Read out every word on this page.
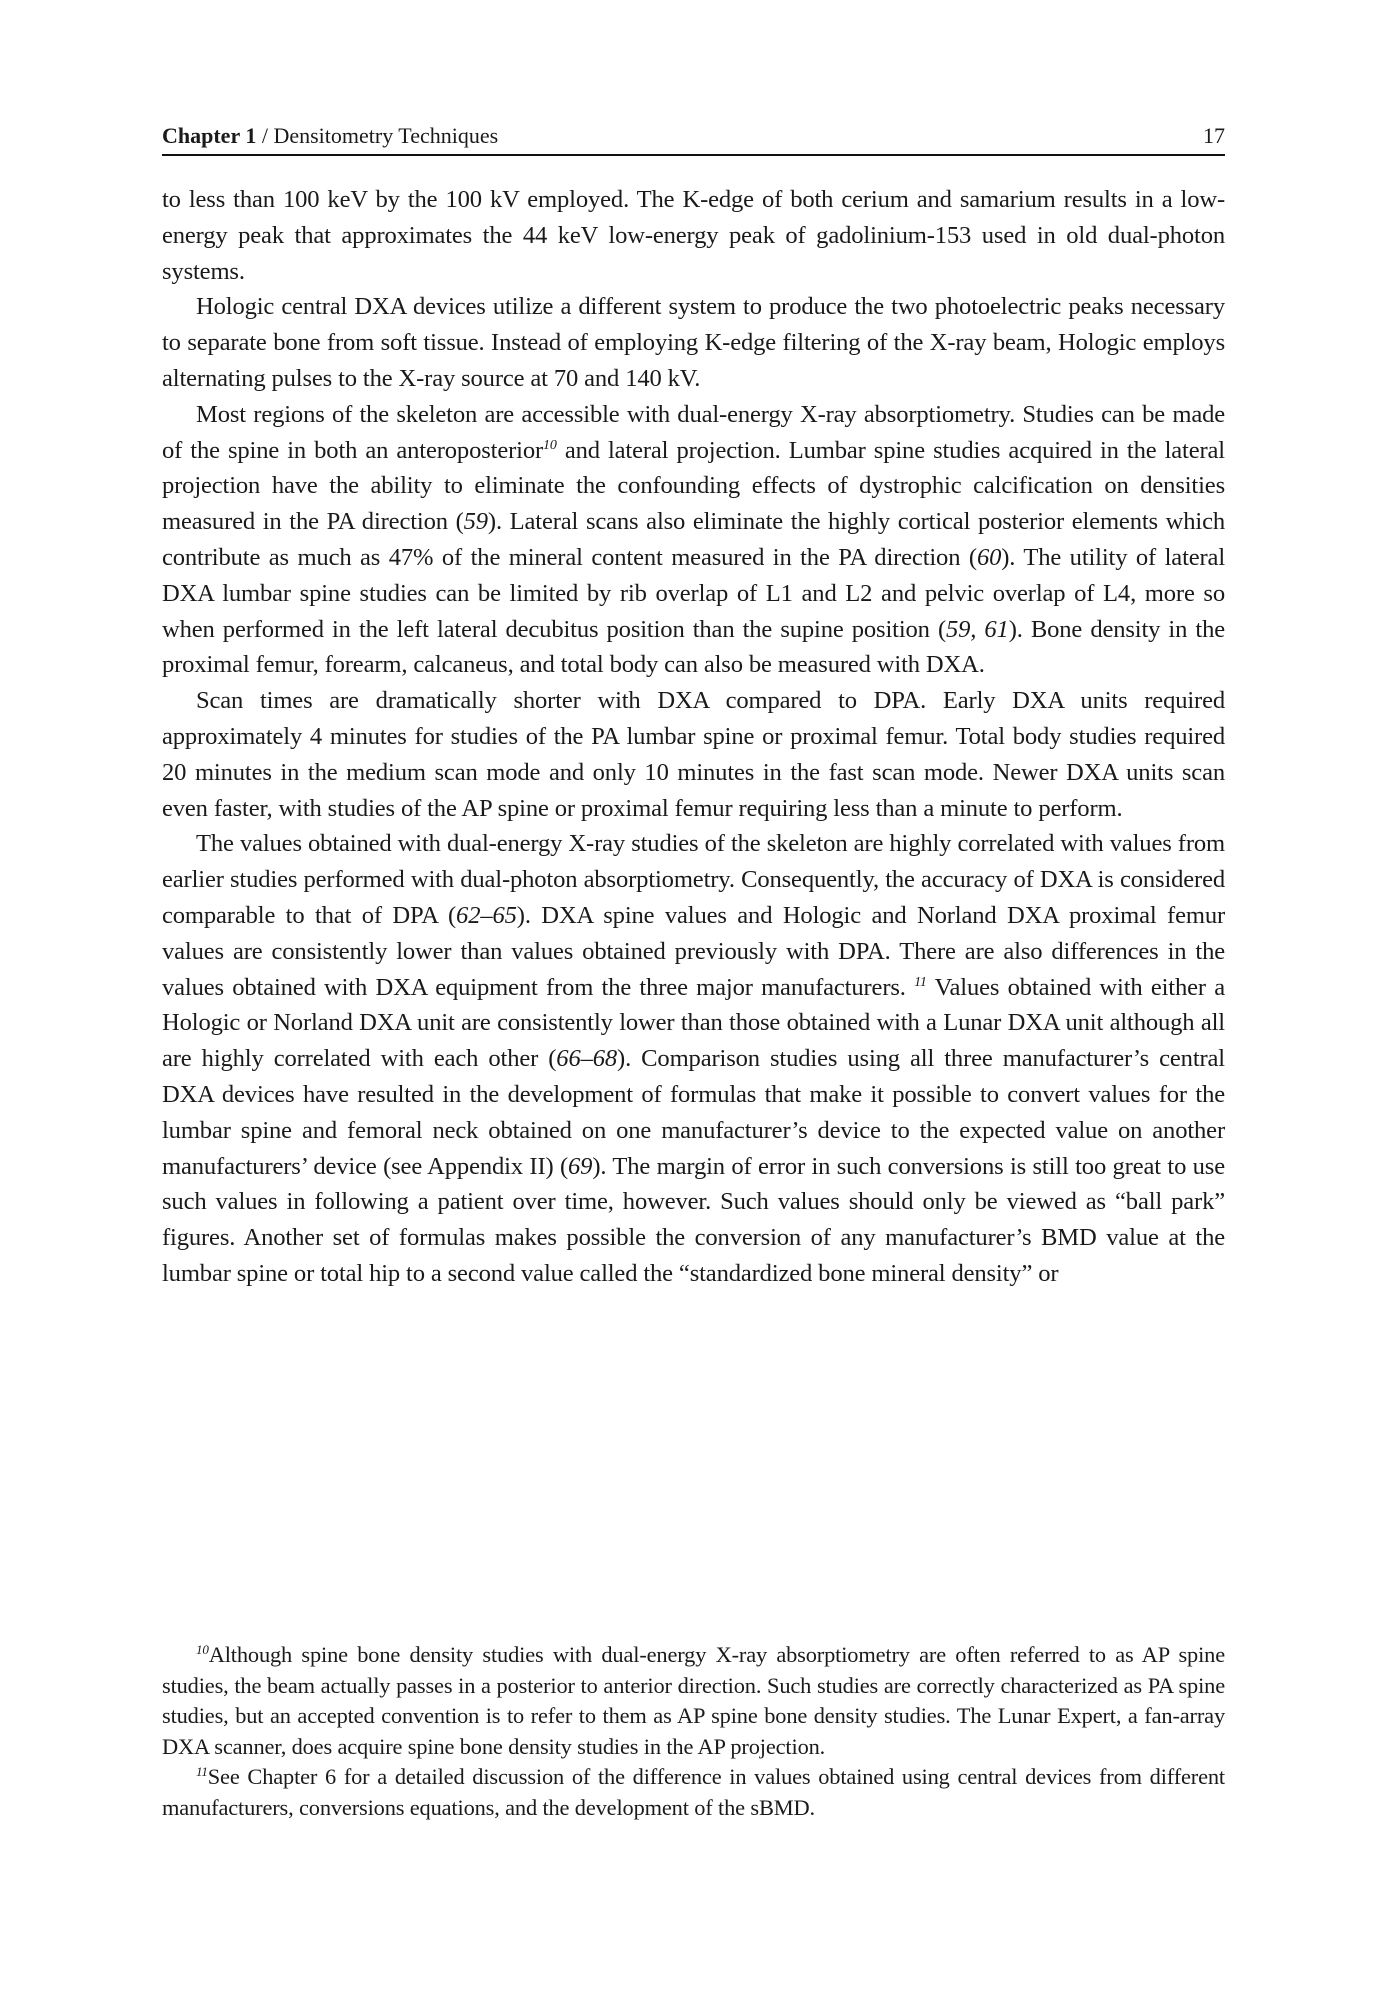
Chapter 1 / Densitometry Techniques	17

to less than 100 keV by the 100 kV employed. The K-edge of both cerium and samarium results in a low-energy peak that approximates the 44 keV low-energy peak of gadolinium-153 used in old dual-photon systems.

Hologic central DXA devices utilize a different system to produce the two photoelectric peaks necessary to separate bone from soft tissue. Instead of employing K-edge filtering of the X-ray beam, Hologic employs alternating pulses to the X-ray source at 70 and 140 kV.

Most regions of the skeleton are accessible with dual-energy X-ray absorptiometry. Studies can be made of the spine in both an anteroposterior$^{10}$ and lateral projection. Lumbar spine studies acquired in the lateral projection have the ability to eliminate the confounding effects of dystrophic calcification on densities measured in the PA direction (59). Lateral scans also eliminate the highly cortical posterior elements which contribute as much as 47% of the mineral content measured in the PA direction (60). The utility of lateral DXA lumbar spine studies can be limited by rib overlap of L1 and L2 and pelvic overlap of L4, more so when performed in the left lateral decubitus position than the supine position (59, 61). Bone density in the proximal femur, forearm, calcaneus, and total body can also be measured with DXA.

Scan times are dramatically shorter with DXA compared to DPA. Early DXA units required approximately 4 minutes for studies of the PA lumbar spine or proximal femur. Total body studies required 20 minutes in the medium scan mode and only 10 minutes in the fast scan mode. Newer DXA units scan even faster, with studies of the AP spine or proximal femur requiring less than a minute to perform.

The values obtained with dual-energy X-ray studies of the skeleton are highly correlated with values from earlier studies performed with dual-photon absorptiometry. Consequently, the accuracy of DXA is considered comparable to that of DPA (62–65). DXA spine values and Hologic and Norland DXA proximal femur values are consistently lower than values obtained previously with DPA. There are also differences in the values obtained with DXA equipment from the three major manufacturers. $^{11}$ Values obtained with either a Hologic or Norland DXA unit are consistently lower than those obtained with a Lunar DXA unit although all are highly correlated with each other (66–68). Comparison studies using all three manufacturer’s central DXA devices have resulted in the development of formulas that make it possible to convert values for the lumbar spine and femoral neck obtained on one manufacturer’s device to the expected value on another manufacturers’ device (see Appendix II) (69). The margin of error in such conversions is still too great to use such values in following a patient over time, however. Such values should only be viewed as “ball park” figures. Another set of formulas makes possible the conversion of any manufacturer’s BMD value at the lumbar spine or total hip to a second value called the “standardized bone mineral density” or

$^{10}$Although spine bone density studies with dual-energy X-ray absorptiometry are often referred to as AP spine studies, the beam actually passes in a posterior to anterior direction. Such studies are correctly characterized as PA spine studies, but an accepted convention is to refer to them as AP spine bone density studies. The Lunar Expert, a fan-array DXA scanner, does acquire spine bone density studies in the AP projection.

$^{11}$See Chapter 6 for a detailed discussion of the difference in values obtained using central devices from different manufacturers, conversions equations, and the development of the sBMD.
